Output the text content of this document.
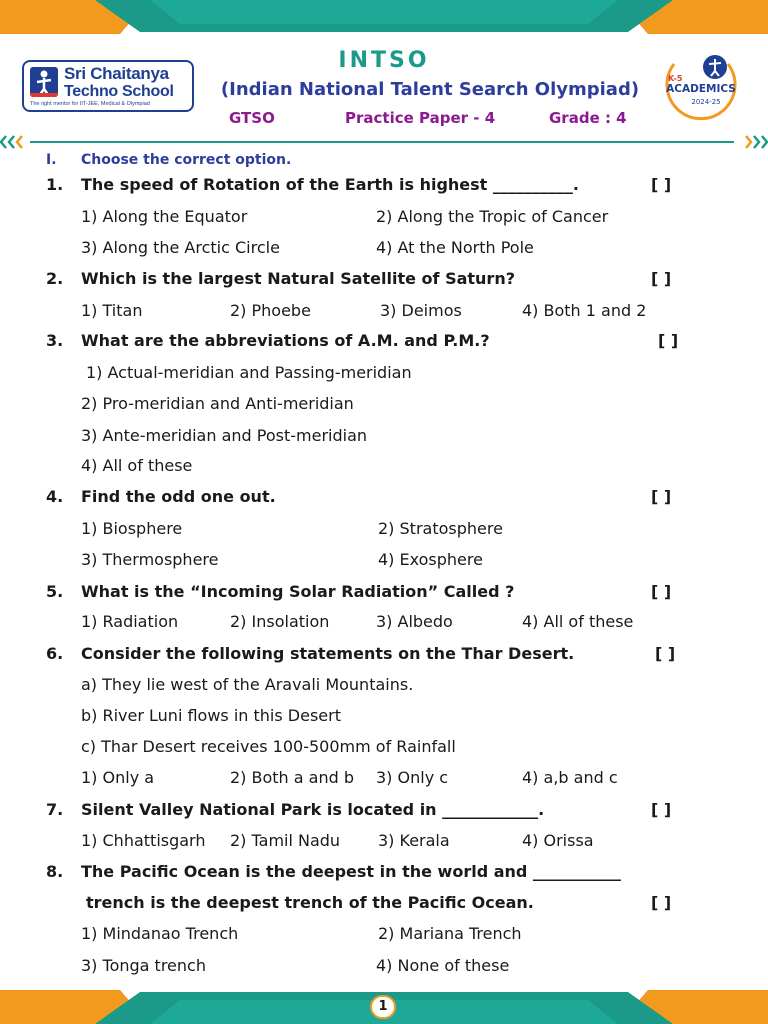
Sri Chaitanya
Techno School
The right mentor for IIT-JEE, Medical & Olympiad
INTSO
(Indian National Talent Search Olympiad)
GTSO	Practice Paper - 4	Grade : 4
K-5
ACADEMICS
2024-25
I. Choose the correct option.
1. The speed of Rotation of the Earth is highest __________.	[ ]
1) Along the Equator	2) Along the Tropic of Cancer
3) Along the Arctic Circle	4) At the North Pole
2. Which is the largest Natural Satellite of Saturn?	[ ]
1) Titan	2) Phoebe	3) Deimos	4) Both 1 and 2
3. What are the abbreviations of A.M. and P.M.?	[ ]
1) Actual-meridian and Passing-meridian
2) Pro-meridian and Anti-meridian
3) Ante-meridian and Post-meridian
4) All of these
4. Find the odd one out.	[ ]
1) Biosphere	2) Stratosphere
3) Thermosphere	4) Exosphere
5. What is the “Incoming Solar Radiation” Called ?	[ ]
1) Radiation	2) Insolation	3) Albedo	4) All of these
6. Consider the following statements on the Thar Desert.	[ ]
a) They lie west of the Aravali Mountains.
b) River Luni flows in this Desert
c) Thar Desert receives 100-500mm of Rainfall
1) Only a	2) Both a and b 3) Only c	4) a,b and c
7. Silent Valley National Park is located in ____________.	[ ]
1) Chhattisgarh 2) Tamil Nadu 3) Kerala	4) Orissa
8. The Pacific Ocean is the deepest in the world and ___________
trench is the deepest trench of the Pacific Ocean.	[ ]
1) Mindanao Trench	2) Mariana Trench
3) Tonga trench	4) None of these
1
